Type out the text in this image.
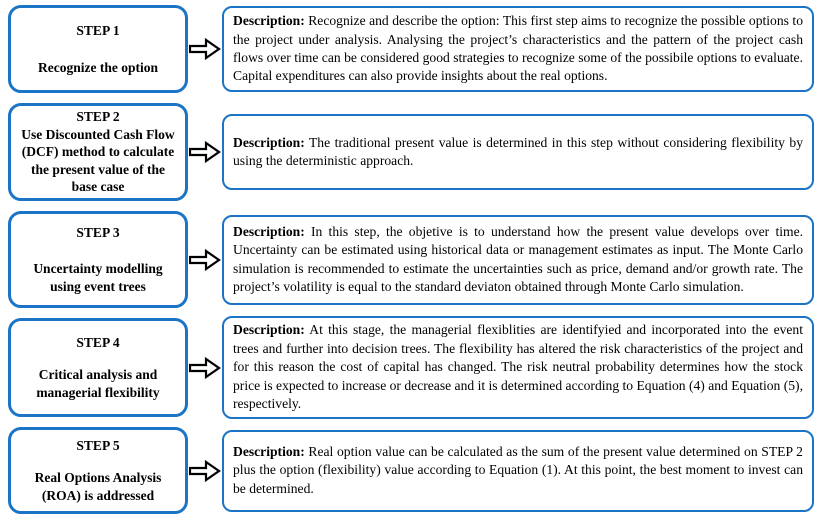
STEP 1
Recognize the option
Description: Recognize and describe the option: This first step aims to recognize the possible options to the project under analysis. Analysing the project’s characteristics and the pattern of the project cash flows over time can be considered good strategies to recognize some of the possibile options to evaluate. Capital expenditures can also provide insights about the real options.
STEP 2
Use Discounted Cash Flow (DCF) method to calculate the present value of the base case
Description: The traditional present value is determined in this step without considering flexibility by using the deterministic approach.
STEP 3
Uncertainty modelling using event trees
Description: In this step, the objetive is to understand how the present value develops over time. Uncertainty can be estimated using historical data or management estimates as input. The Monte Carlo simulation is recommended to estimate the uncertainties such as price, demand and/or growth rate. The project’s volatility is equal to the standard deviaton obtained through Monte Carlo simulation.
STEP 4
Critical analysis and managerial flexibility
Description: At this stage, the managerial flexiblities are identifyied and incorporated into the event trees and further into decision trees. The flexibility has altered the risk characteristics of the project and for this reason the cost of capital has changed. The risk neutral probability determines how the stock price is expected to increase or decrease and it is determined according to Equation (4) and Equation (5), respectively.
STEP 5
Real Options Analysis (ROA) is addressed
Description: Real option value can be calculated as the sum of the present value determined on STEP 2 plus the option (flexibility) value according to Equation (1). At this point, the best moment to invest can be determined.
